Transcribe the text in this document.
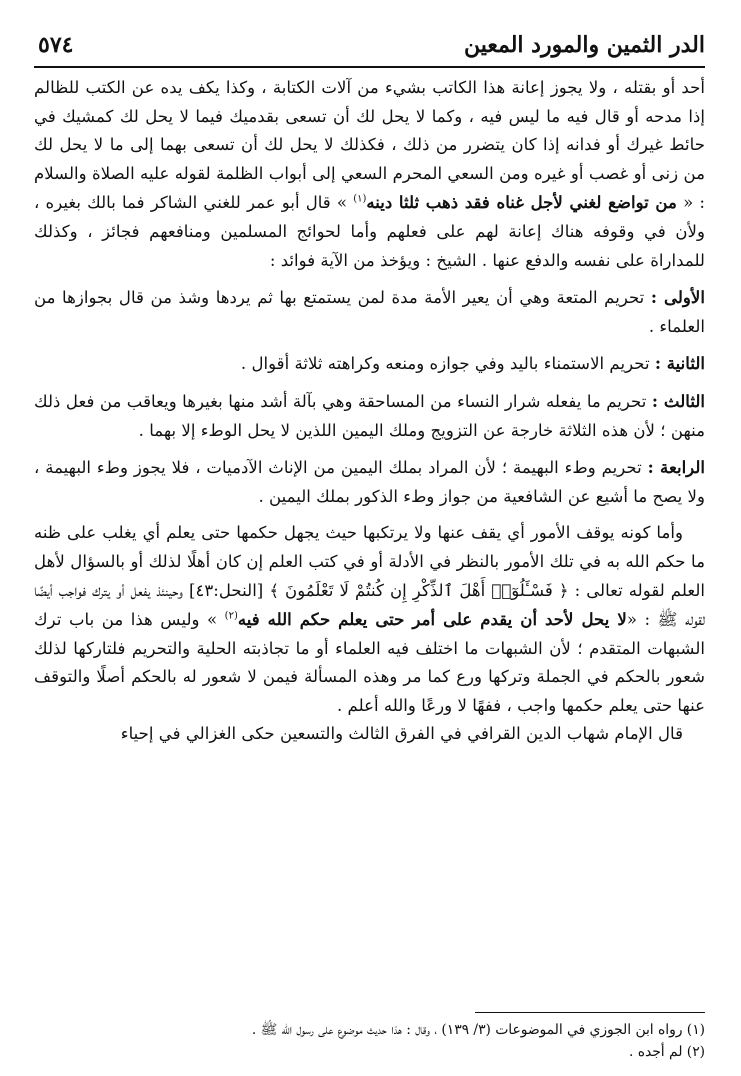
الدر الثمين والمورد المعين
٥٧٤

أحد أو بقتله ، ولا يجوز إعانة هذا الكاتب بشيء من آلات الكتابة ، وكذا يكف يده عن الكتب للظالم إذا مدحه أو قال فيه ما ليس فيه ، وكما لا يحل لك أن تسعى بقدميك فيما لا يحل لك كمشيك في حائط غيرك أو فدانه إذا كان يتضرر من ذلك ، فكذلك لا يحل لك أن تسعى بهما إلى ما لا يحل لك من زنى أو غصب أو غيره ومن السعي المحرم السعي إلى أبواب الظلمة لقوله عليه الصلاة والسلام : « من تواضع لغني لأجل غناه فقد ذهب ثلثا دينه$^{(١)}$ » قال أبو عمر للغني الشاكر فما بالك بغيره ، ولأن في وقوفه هناك إعانة لهم على فعلهم وأما لحوائج المسلمين ومنافعهم فجائز ، وكذلك للمداراة على نفسه والدفع عنها . الشيخ : ويؤخذ من الآية فوائد :

الأولى : تحريم المتعة وهي أن يعير الأمة مدة لمن يستمتع بها ثم يردها وشذ من قال بجوازها من العلماء .

الثانية : تحريم الاستمناء باليد وفي جوازه ومنعه وكراهته ثلاثة أقوال .

الثالث : تحريم ما يفعله شرار النساء من المساحقة وهي بآلة أشد منها بغيرها ويعاقب من فعل ذلك منهن ؛ لأن هذه الثلاثة خارجة عن التزويج وملك اليمين اللذين لا يحل الوطء إلا بهما .

الرابعة : تحريم وطء البهيمة ؛ لأن المراد بملك اليمين من الإناث الآدميات ، فلا يجوز وطء البهيمة ، ولا يصح ما أشيع عن الشافعية من جواز وطء الذكور بملك اليمين .

وأما كونه يوقف الأمور أي يقف عنها ولا يرتكبها حيث يجهل حكمها حتى يعلم أي يغلب على ظنه ما حكم الله به في تلك الأمور بالنظر في الأدلة أو في كتب العلم إن كان أهلًا لذلك أو بالسؤال لأهل العلم لقوله تعالى : ﴿ فَسْـَٔلُوٓا۟ أَهْلَ ٱلذِّكْرِ إِن كُنتُمْ لَا تَعْلَمُونَ ﴾ [النحل:٤٣] وحينئذ يفعل أو يترك فواجب أيضًا لقوله ﷺ : «لا يحل لأحد أن يقدم على أمر حتى يعلم حكم الله فيه$^{(٢)}$ » وليس هذا من باب ترك الشبهات المتقدم ؛ لأن الشبهات ما اختلف فيه العلماء أو ما تجاذبته الحلية والتحريم فلتاركها لذلك شعور بالحكم في الجملة وتركها ورع كما مر وهذه المسألة فيمن لا شعور له بالحكم أصلًا والتوقف عنها حتى يعلم حكمها واجب ، ففهًا لا ورعًا والله أعلم .

قال الإمام شهاب الدين القرافي في الفرق الثالث والتسعين حكى الغزالي في إحياء

(١) رواه ابن الجوزي في الموضوعات (٣/ ١٣٩) ، وقال : هذا حديث موضوع على رسول الله ﷺ .

(٢) لم أجده .
